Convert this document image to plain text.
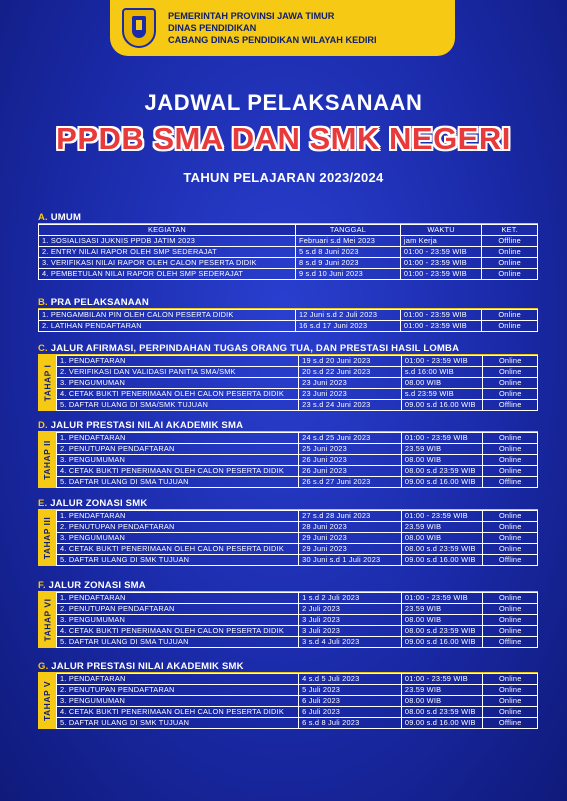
PEMERINTAH PROVINSI JAWA TIMUR
DINAS PENDIDIKAN
CABANG DINAS PENDIDIKAN WILAYAH KEDIRI
JADWAL PELAKSANAAN
PPDB SMA DAN SMK NEGERI
TAHUN PELAJARAN 2023/2024
A. UMUM
KEGIATAN	TANGGAL	WAKTU	KET.
1. SOSIALISASI JUKNIS PPDB JATIM 2023	Februari s.d Mei 2023	jam Kerja	Offline
2. ENTRY NILAI RAPOR OLEH SMP SEDERAJAT	5 s.d 8 Juni 2023	01:00 - 23:59 WIB	Online
3. VERIFIKASI NILAI RAPOR OLEH CALON PESERTA DIDIK	8 s.d 9 Juni 2023	01:00 - 23:59 WIB	Online
4. PEMBETULAN NILAI RAPOR OLEH SMP SEDERAJAT	9 s.d 10 Juni 2023	01:00 - 23:59 WIB	Online
B. PRA PELAKSANAAN
1. PENGAMBILAN PIN OLEH CALON PESERTA DIDIK	12 Juni s.d 2 Juli 2023	01:00 - 23:59 WIB	Online
2. LATIHAN PENDAFTARAN	16 s.d 17 Juni 2023	01:00 - 23:59 WIB	Online
C. JALUR AFIRMASI, PERPINDAHAN TUGAS ORANG TUA, DAN PRESTASI HASIL LOMBA
TAHAP I
1. PENDAFTARAN	19 s.d 20 Juni 2023	01:00 - 23:59 WIB	Online
2. VERIFIKASI DAN VALIDASI PANITIA SMA/SMK	20 s.d 22 Juni 2023	s.d 16:00 WIB	Online
3. PENGUMUMAN	23 Juni 2023	08.00 WIB	Online
4. CETAK BUKTI PENERIMAAN OLEH CALON PESERTA DIDIK	23 Juni 2023	s.d 23:59 WIB	Online
5. DAFTAR ULANG DI SMA/SMK TUJUAN	23 s.d 24 Juni 2023	09.00 s.d 16.00 WIB	Offline
D. JALUR PRESTASI NILAI AKADEMIK SMA
TAHAP II
1. PENDAFTARAN	24 s.d 25 Juni 2023	01:00 - 23:59 WIB	Online
2. PENUTUPAN PENDAFTARAN	25 Juni 2023	23.59 WIB	Online
3. PENGUMUMAN	26 Juni 2023	08.00 WIB	Online
4. CETAK BUKTI PENERIMAAN OLEH CALON PESERTA DIDIK	26 Juni 2023	08.00 s.d 23:59 WIB	Online
5. DAFTAR ULANG DI SMA TUJUAN	26 s.d 27 Juni 2023	09.00 s.d 16.00 WIB	Offline
E. JALUR ZONASI SMK
TAHAP III
1. PENDAFTARAN	27 s.d 28 Juni 2023	01:00 - 23:59 WIB	Online
2. PENUTUPAN PENDAFTARAN	28 Juni 2023	23.59 WIB	Online
3. PENGUMUMAN	29 Juni 2023	08.00 WIB	Online
4. CETAK BUKTI PENERIMAAN OLEH CALON PESERTA DIDIK	29 Juni 2023	08.00 s.d 23:59 WIB	Online
5. DAFTAR ULANG DI SMK TUJUAN	30 Juni s.d 1 Juli 2023	09.00 s.d 16.00 WIB	Offline
F. JALUR ZONASI SMA
TAHAP VI
1. PENDAFTARAN	1 s.d 2 Juli 2023	01:00 - 23:59 WIB	Online
2. PENUTUPAN PENDAFTARAN	2 Juli 2023	23.59 WIB	Online
3. PENGUMUMAN	3 Juli 2023	08.00 WIB	Online
4. CETAK BUKTI PENERIMAAN OLEH CALON PESERTA DIDIK	3 Juli 2023	08.00 s.d 23:59 WIB	Online
5. DAFTAR ULANG DI SMA TUJUAN	3 s.d 4 Juli 2023	09.00 s.d 16.00 WIB	Offline
G. JALUR PRESTASI NILAI AKADEMIK SMK
TAHAP V
1. PENDAFTARAN	4 s.d 5 Juli 2023	01:00 - 23:59 WIB	Online
2. PENUTUPAN PENDAFTARAN	5 Juli 2023	23.59 WIB	Online
3. PENGUMUMAN	6 Juli 2023	08.00 WIB	Online
4. CETAK BUKTI PENERIMAAN OLEH CALON PESERTA DIDIK	6 Juli 2023	08.00 s.d 23:59 WIB	Online
5. DAFTAR ULANG DI SMK TUJUAN	6 s.d 8 Juli 2023	09.00 s.d 16.00 WIB	Offline
